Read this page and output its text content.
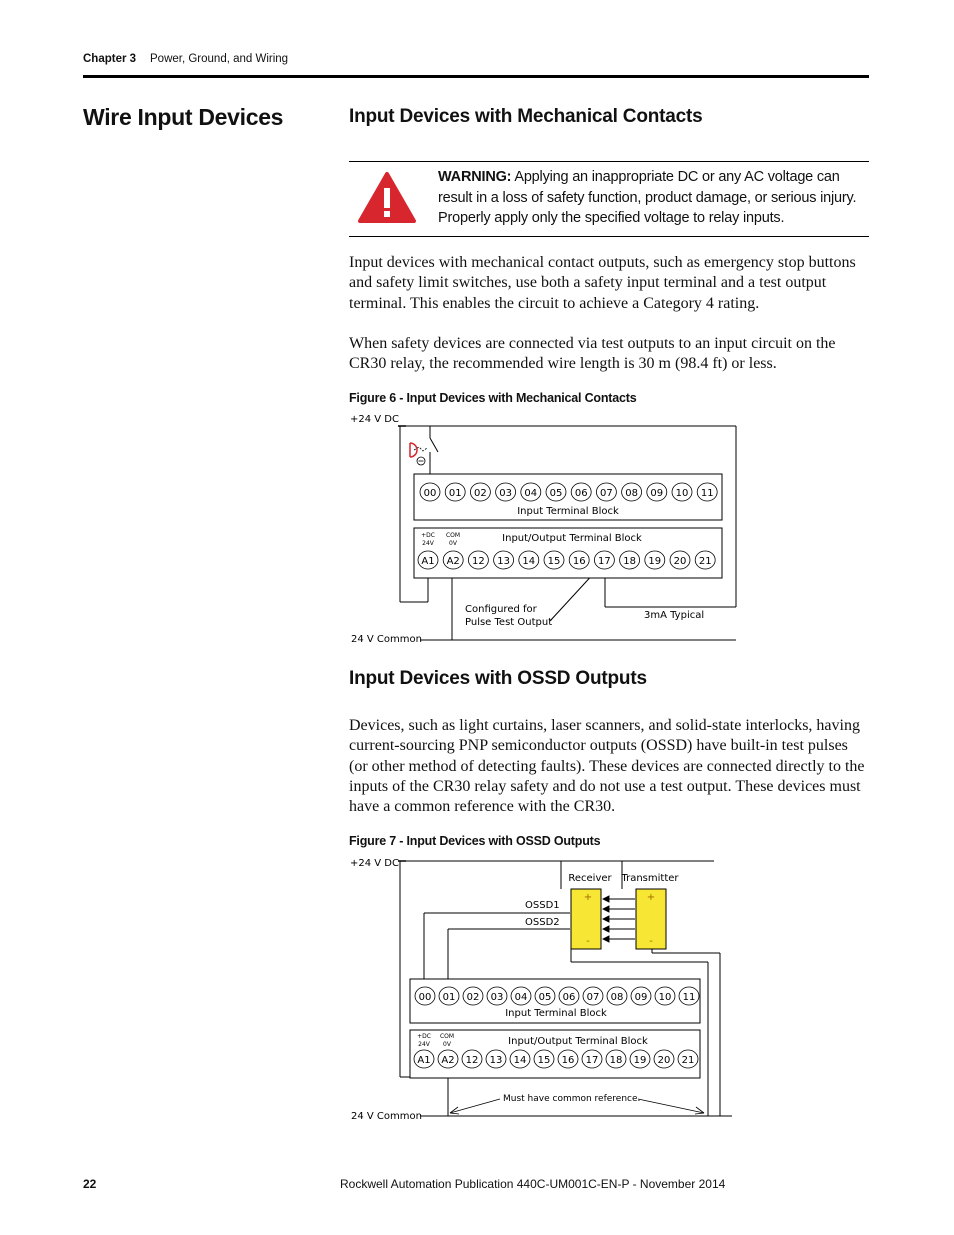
Chapter 3 Power, Ground, and Wiring
Wire Input Devices	Input Devices with Mechanical Contacts
WARNING: Applying an inappropriate DC or any AC voltage can result in a loss of safety function, product damage, or serious injury. Properly apply only the specified voltage to relay inputs.

Input devices with mechanical contact outputs, such as emergency stop buttons and safety limit switches, use both a safety input terminal and a test output terminal. This enables the circuit to achieve a Category 4 rating.

When safety devices are connected via test outputs to an input circuit on the CR30 relay, the recommended wire length is 30 m (98.4 ft) or less.

Figure 6 - Input Devices with Mechanical Contacts
00 01 02 03 04 05 06 07 08 09 10 11
Input Terminal Block
+DC
24V
COM
0V	Input/Output Terminal Block
A1 A2 12 13 14 15 16 17 18 19 20 21
+24 V DC
24 V Common
Configured for
Pulse Test Output
3mA Typical
Input Devices with OSSD Outputs

Devices, such as light curtains, laser scanners, and solid-state interlocks, having current-sourcing PNP semiconductor outputs (OSSD) have built-in test pulses (or other method of detecting faults). These devices are connected directly to the inputs of the CR30 relay safety and do not use a test output. These devices must have a common reference with the CR30.

Figure 7 - Input Devices with OSSD Outputs
+
-
+
-
Receiver Transmitter
OSSD1
OSSD2
00 01 02 03 04 05 06 07 08 09 10 11
Input Terminal Block
+DC
24V
COM
0V	Input/Output Terminal Block
A1 A2 12 13 14 15 16 17 18 19 20 21
Must have common reference.
+24 V DC
24 V Common
22	Rockwell Automation Publication 440C-UM001C-EN-P - November 2014
